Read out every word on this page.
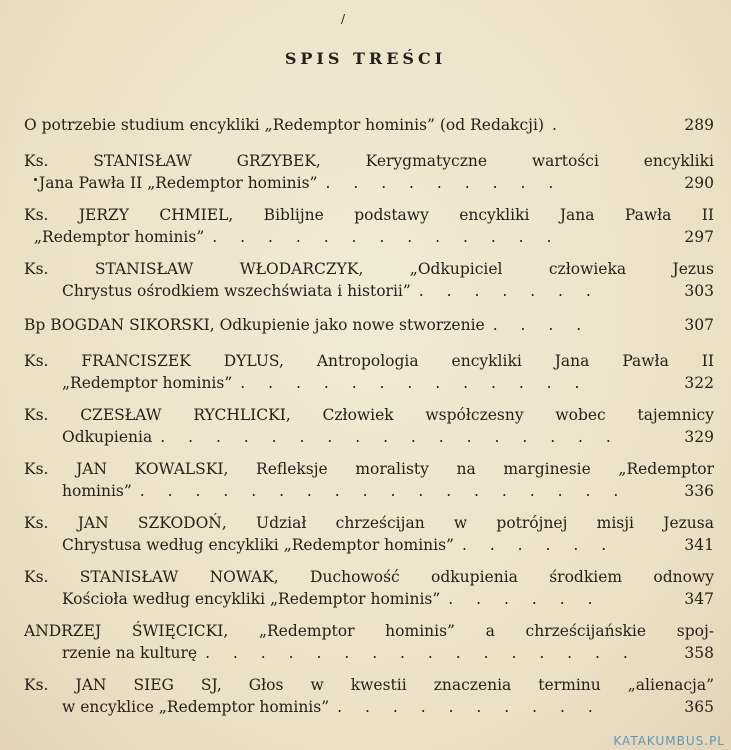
/
SPIS TREŚCI
O potrzebie studium encykliki „Redemptor hominis” (od Redakcji) .	289
Ks. STANISŁAW GRZYBEK, Kerygmatyczne wartości encykliki
Jana Pawła II „Redemptor hominis” . . . . . . . . .	290
Ks. JERZY CHMIEL, Biblijne podstawy encykliki Jana Pawła II
„Redemptor hominis” . . . . . . . . . . . . .	297
Ks. STANISŁAW WŁODARCZYK, „Odkupiciel człowieka Jezus
Chrystus ośrodkiem wszechświata i historii” . . . . . . .	303
Bp BOGDAN SIKORSKI, Odkupienie jako nowe stworzenie . . . .	307
Ks. FRANCISZEK DYLUS, Antropologia encykliki Jana Pawła II
„Redemptor hominis” . . . . . . . . . . . . .	322
Ks. CZESŁAW RYCHLICKI, Człowiek współczesny wobec tajemnicy
Odkupienia . . . . . . . . . . . . . . . . .	329
Ks. JAN KOWALSKI, Refleksje moralisty na marginesie „Redemptor
hominis” . . . . . . . . . . . . . . . . . .	336
Ks. JAN SZKODOŃ, Udział chrześcijan w potrójnej misji Jezusa
Chrystusa według encykliki „Redemptor hominis” . . . . . .	341
Ks. STANISŁAW NOWAK, Duchowość odkupienia środkiem odnowy
Kościoła według encykliki „Redemptor hominis” . . . . . .	347
ANDRZEJ ŚWIĘCICKI, „Redemptor hominis” a chrześcijańskie spoj-
rzenie na kulturę . . . . . . . . . . . . . . . .	358
Ks. JAN SIEG SJ, Głos w kwestii znaczenia terminu „alienacja”
w encyklice „Redemptor hominis” . . . . . . . . . .	365
KATAKUMBUS.PL
